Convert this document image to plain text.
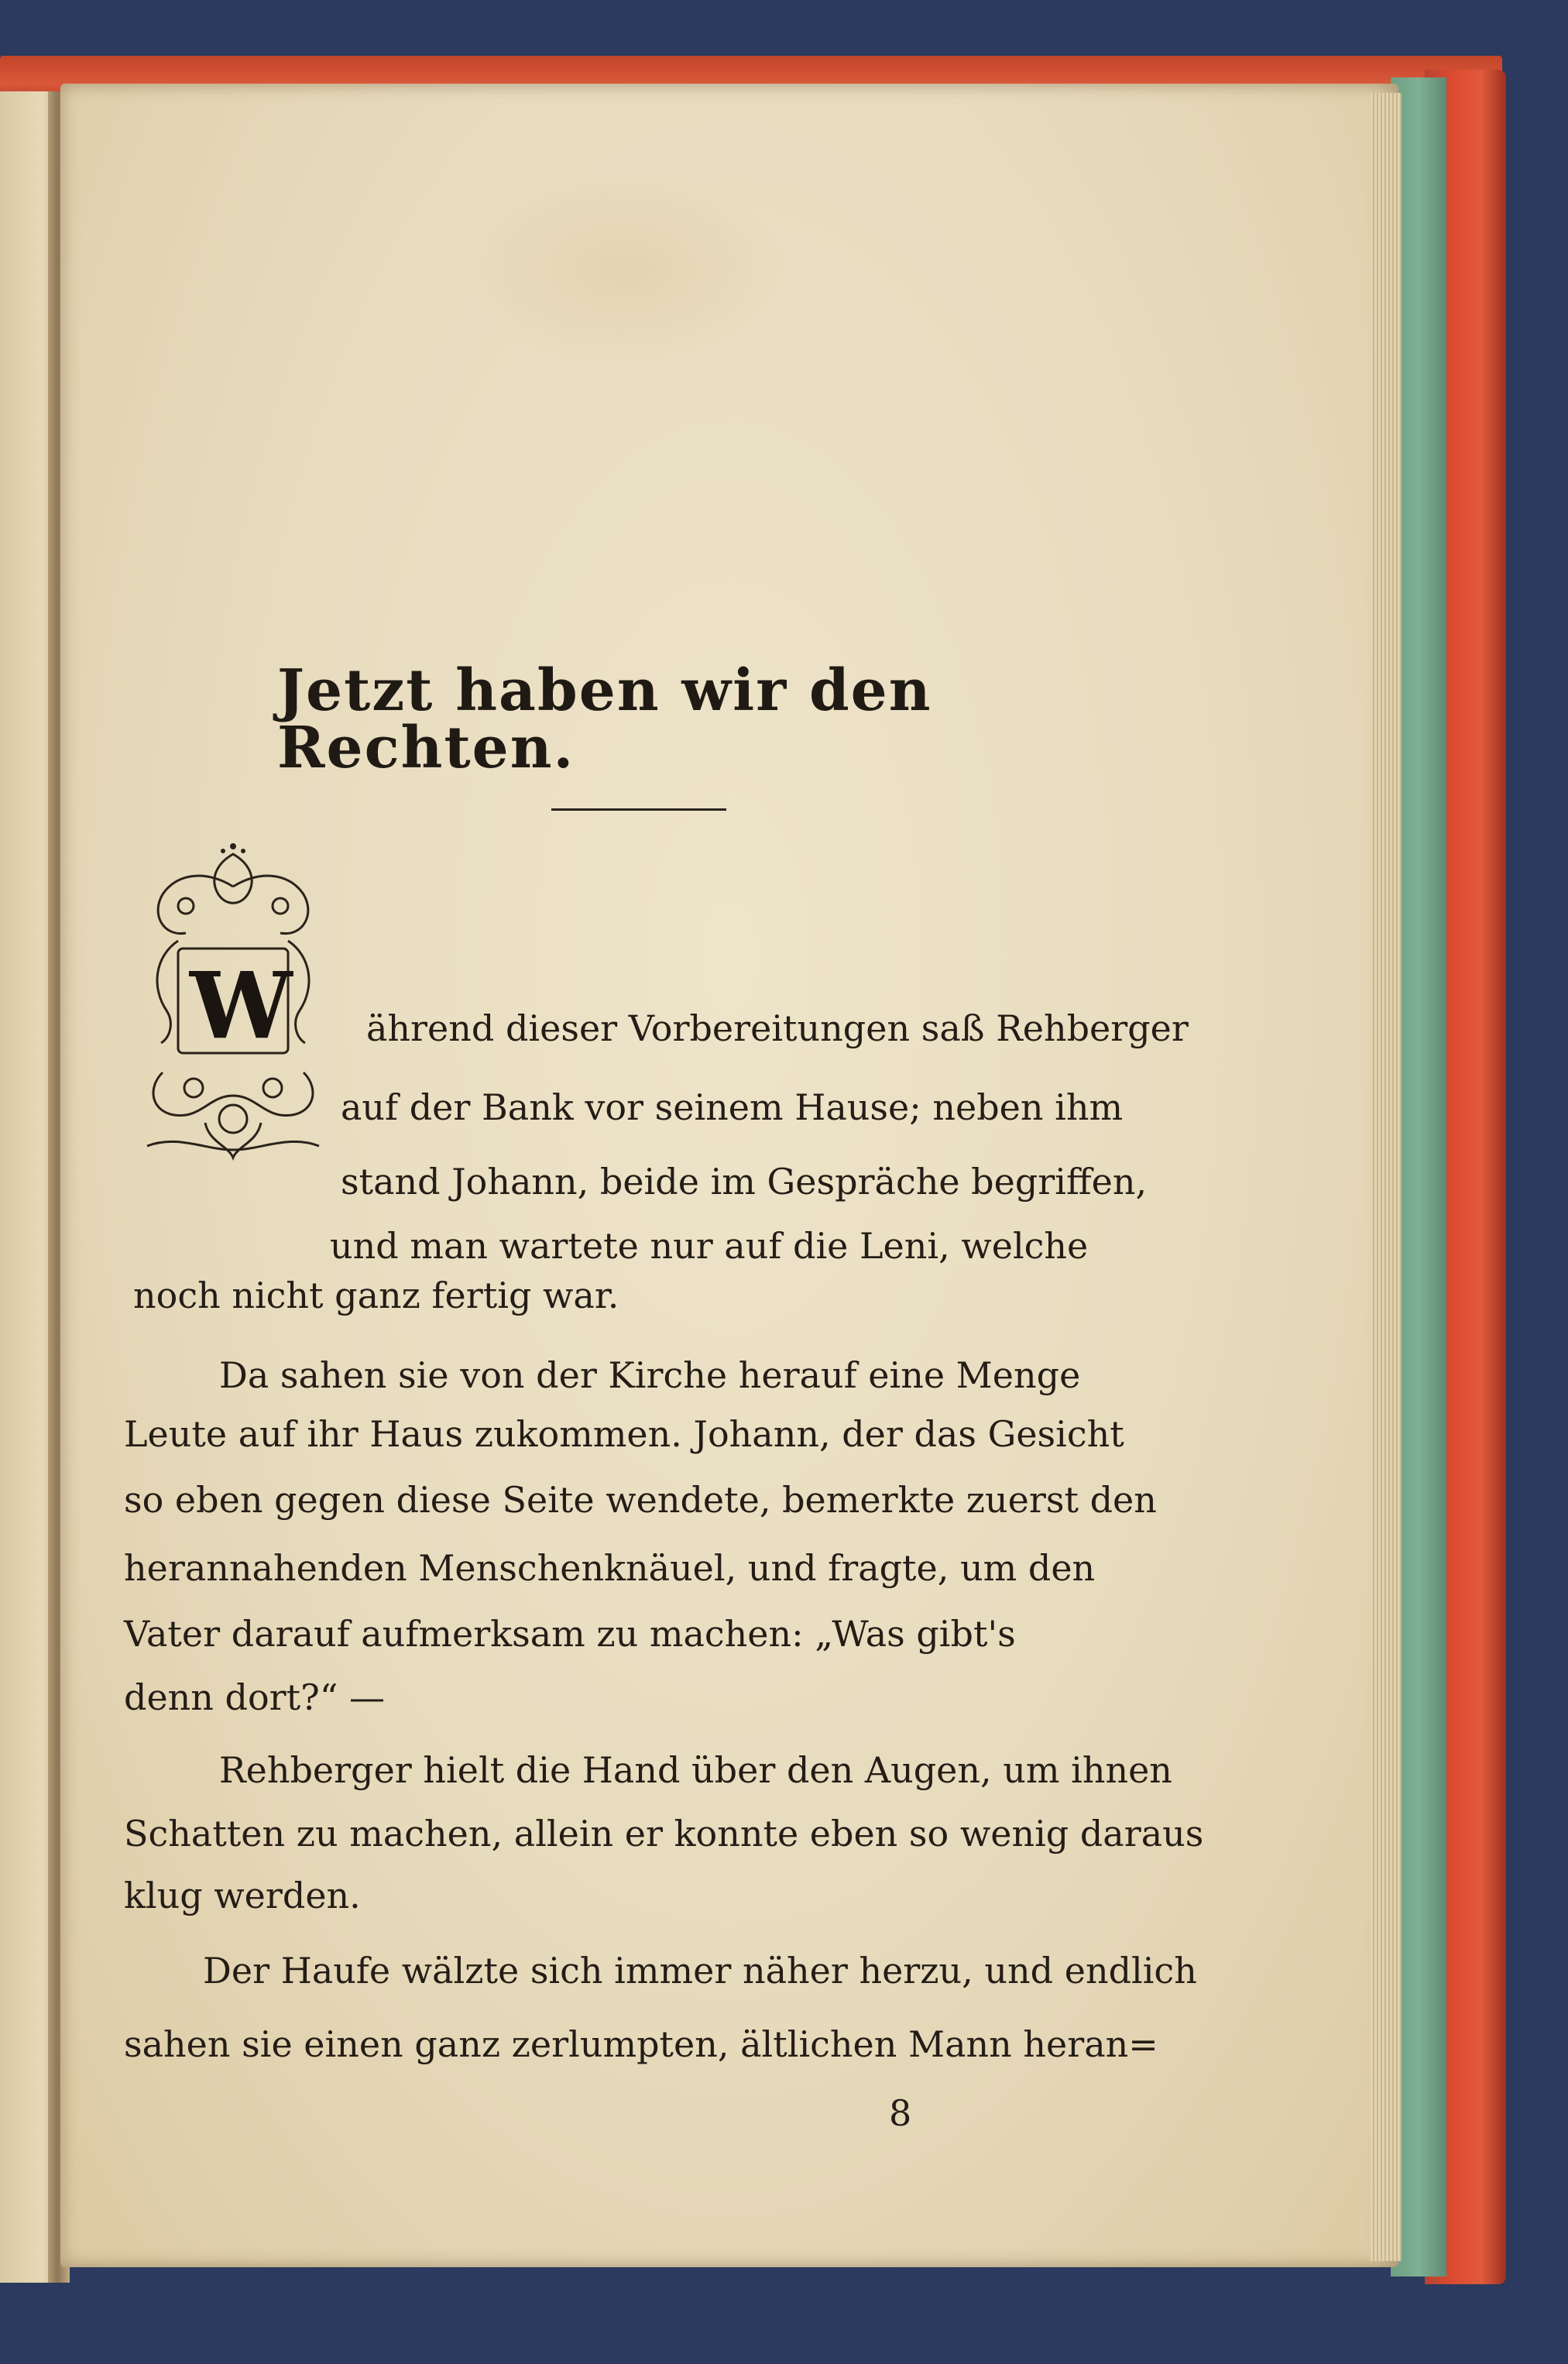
Jetzt haben wir den Rechten.
W ährend dieser Vorbereitungen saß Rehberger
auf der Bank vor seinem Hause; neben ihm
stand Johann, beide im Gespräche begriffen,
und man wartete nur auf die Leni, welche
noch nicht ganz fertig war.
Da sahen sie von der Kirche herauf eine Menge
Leute auf ihr Haus zukommen. Johann, der das Gesicht
so eben gegen diese Seite wendete, bemerkte zuerst den
herannahenden Menschenknäuel, und fragte, um den
Vater darauf aufmerksam zu machen: „Was gibt's
denn dort?“ —
Rehberger hielt die Hand über den Augen, um ihnen
Schatten zu machen, allein er konnte eben so wenig daraus
klug werden.
Der Haufe wälzte sich immer näher herzu, und endlich
sahen sie einen ganz zerlumpten, ältlichen Mann heran=
8
